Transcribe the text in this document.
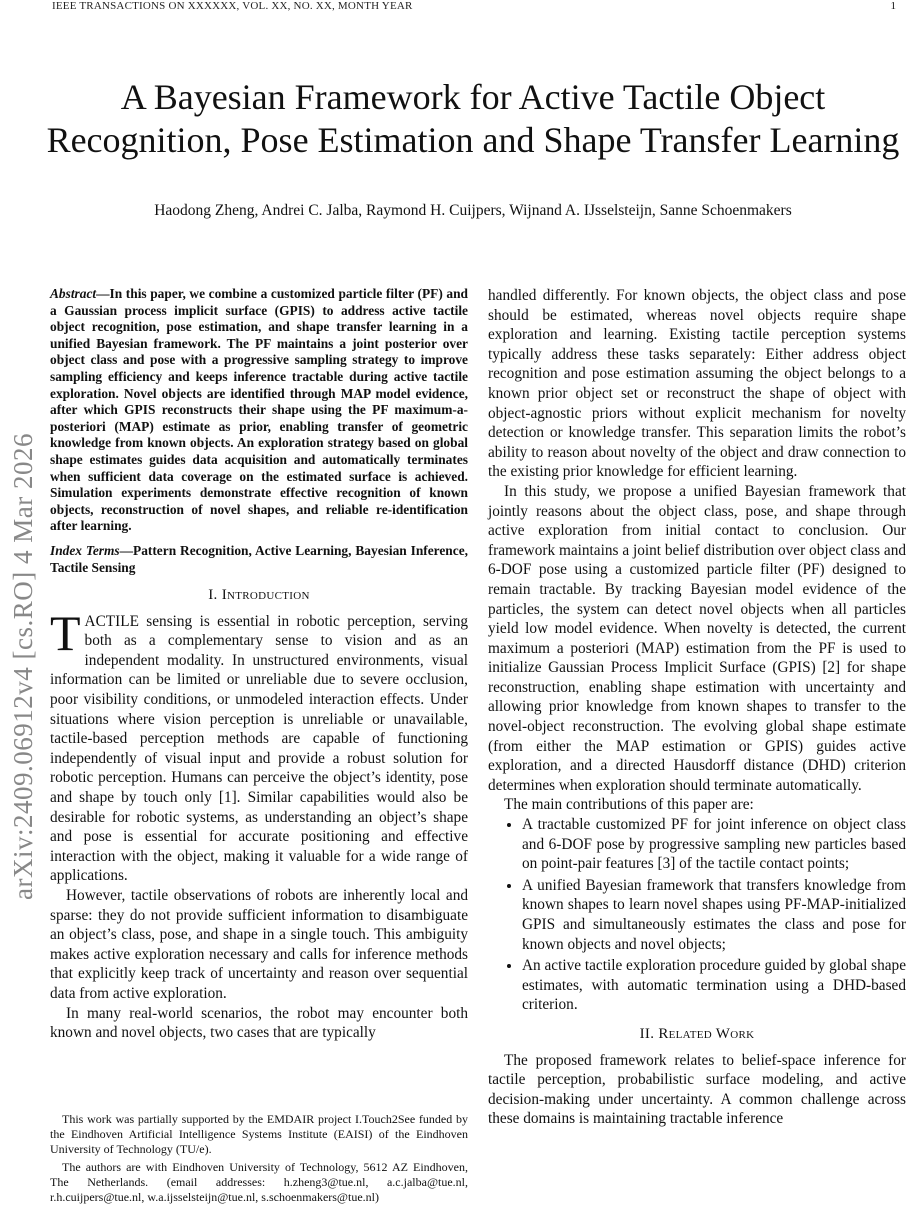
IEEE TRANSACTIONS ON XXXXXX, VOL. XX, NO. XX, MONTH YEAR	1
arXiv:2409.06912v4 [cs.RO] 4 Mar 2026
A Bayesian Framework for Active Tactile Object Recognition, Pose Estimation and Shape Transfer Learning
Haodong Zheng, Andrei C. Jalba, Raymond H. Cuijpers, Wijnand A. IJsselsteijn, Sanne Schoenmakers
Abstract—In this paper, we combine a customized particle filter (PF) and a Gaussian process implicit surface (GPIS) to address active tactile object recognition, pose estimation, and shape transfer learning in a unified Bayesian framework. The PF maintains a joint posterior over object class and pose with a progressive sampling strategy to improve sampling efficiency and keeps inference tractable during active tactile exploration. Novel objects are identified through MAP model evidence, after which GPIS reconstructs their shape using the PF maximum-a-posteriori (MAP) estimate as prior, enabling transfer of geometric knowledge from known objects. An exploration strategy based on global shape estimates guides data acquisition and automatically terminates when sufficient data coverage on the estimated surface is achieved. Simulation experiments demonstrate effective recognition of known objects, reconstruction of novel shapes, and reliable re-identification after learning.
Index Terms—Pattern Recognition, Active Learning, Bayesian Inference, Tactile Sensing
I. Introduction

TACTILE sensing is essential in robotic perception, serving both as a complementary sense to vision and as an independent modality. In unstructured environments, visual information can be limited or unreliable due to severe occlusion, poor visibility conditions, or unmodeled interaction effects. Under situations where vision perception is unreliable or unavailable, tactile-based perception methods are capable of functioning independently of visual input and provide a robust solution for robotic perception. Humans can perceive the object’s identity, pose and shape by touch only [1]. Similar capabilities would also be desirable for robotic systems, as understanding an object’s shape and pose is essential for accurate positioning and effective interaction with the object, making it valuable for a wide range of applications.

However, tactile observations of robots are inherently local and sparse: they do not provide sufficient information to disambiguate an object’s class, pose, and shape in a single touch. This ambiguity makes active exploration necessary and calls for inference methods that explicitly keep track of uncertainty and reason over sequential data from active exploration.

In many real-world scenarios, the robot may encounter both known and novel objects, two cases that are typically

This work was partially supported by the EMDAIR project I.Touch2See funded by the Eindhoven Artificial Intelligence Systems Institute (EAISI) of the Eindhoven University of Technology (TU/e).

The authors are with Eindhoven University of Technology, 5612 AZ Eindhoven, The Netherlands. (email addresses: h.zheng3@tue.nl, a.c.jalba@tue.nl, r.h.cuijpers@tue.nl, w.a.ijsselsteijn@tue.nl, s.schoenmakers@tue.nl)

handled differently. For known objects, the object class and pose should be estimated, whereas novel objects require shape exploration and learning. Existing tactile perception systems typically address these tasks separately: Either address object recognition and pose estimation assuming the object belongs to a known prior object set or reconstruct the shape of object with object-agnostic priors without explicit mechanism for novelty detection or knowledge transfer. This separation limits the robot’s ability to reason about novelty of the object and draw connection to the existing prior knowledge for efficient learning.

In this study, we propose a unified Bayesian framework that jointly reasons about the object class, pose, and shape through active exploration from initial contact to conclusion. Our framework maintains a joint belief distribution over object class and 6-DOF pose using a customized particle filter (PF) designed to remain tractable. By tracking Bayesian model evidence of the particles, the system can detect novel objects when all particles yield low model evidence. When novelty is detected, the current maximum a posteriori (MAP) estimation from the PF is used to initialize Gaussian Process Implicit Surface (GPIS) [2] for shape reconstruction, enabling shape estimation with uncertainty and allowing prior knowledge from known shapes to transfer to the novel-object reconstruction. The evolving global shape estimate (from either the MAP estimation or GPIS) guides active exploration, and a directed Hausdorff distance (DHD) criterion determines when exploration should terminate automatically.

The main contributions of this paper are:

• A tractable customized PF for joint inference on object class and 6-DOF pose by progressive sampling new particles based on point-pair features [3] of the tactile contact points;
• A unified Bayesian framework that transfers knowledge from known shapes to learn novel shapes using PF-MAP-initialized GPIS and simultaneously estimates the class and pose for known objects and novel objects;
• An active tactile exploration procedure guided by global shape estimates, with automatic termination using a DHD-based criterion.
II. Related Work

The proposed framework relates to belief-space inference for tactile perception, probabilistic surface modeling, and active decision-making under uncertainty. A common challenge across these domains is maintaining tractable inference
